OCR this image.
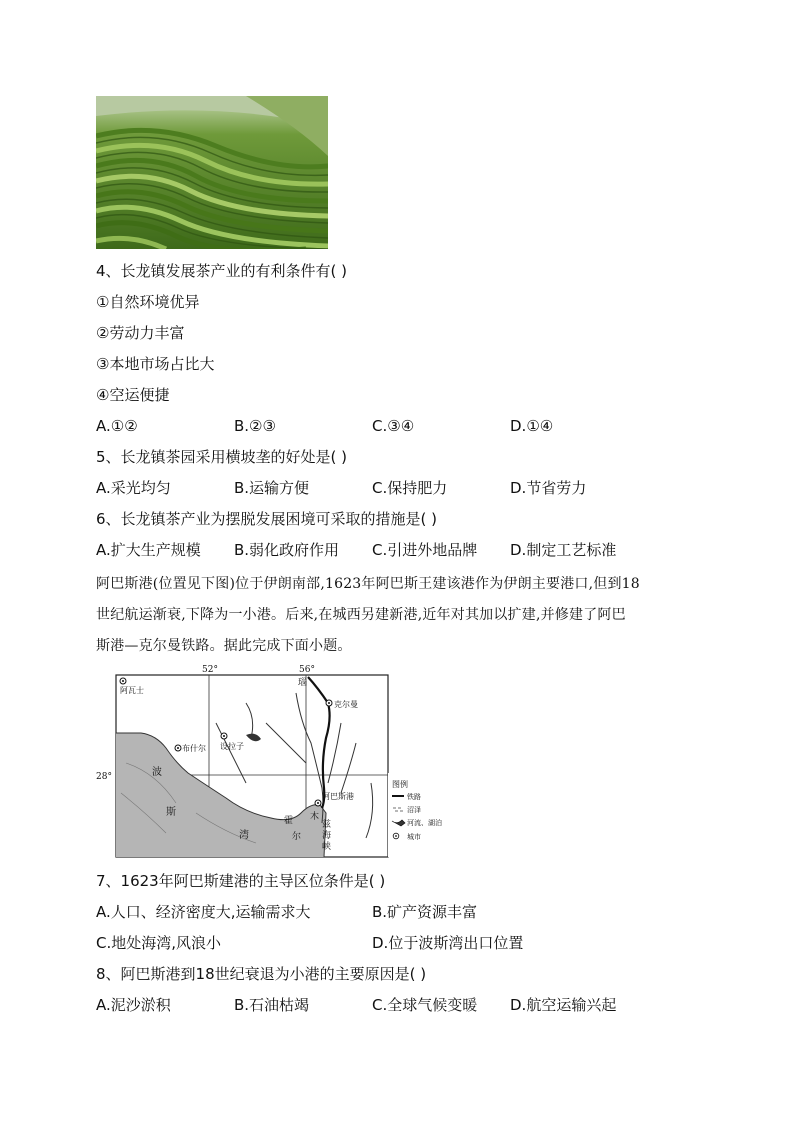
4、长龙镇发展茶产业的有利条件有( )
①自然环境优异
②劳动力丰富
③本地市场占比大
④空运便捷
A.①②	B.②③	C.③④	D.①④
5、长龙镇茶园采用横坡垄的好处是( )
A.采光均匀	B.运输方便	C.保持肥力	D.节省劳力
6、长龙镇茶产业为摆脱发展困境可采取的措施是( )
A.扩大生产规模 B.弱化政府作用 C.引进外地品牌 D.制定工艺标准
阿巴斯港(位置见下图)位于伊朗南部,1623年阿巴斯王建该港作为伊朗主要港口,但到18
世纪航运渐衰,下降为一小港。后来,在城西另建新港,近年对其加以扩建,并修建了阿巴
斯港—克尔曼铁路。据此完成下面小题。
52°	56°
28°
阿瓦士
克尔曼
设拉子
布什尔
阿巴斯港
波
斯
湾	尔
霍 木
兹
海
峡
瑙
图例
铁路
沼泽
河流、湖泊
城市
7、1623年阿巴斯建港的主导区位条件是( )
A.人口、经济密度大,运输需求大	B.矿产资源丰富
C.地处海湾,风浪小	D.位于波斯湾出口位置
8、阿巴斯港到18世纪衰退为小港的主要原因是( )
A.泥沙淤积	B.石油枯竭	C.全球气候变暖 D.航空运输兴起
